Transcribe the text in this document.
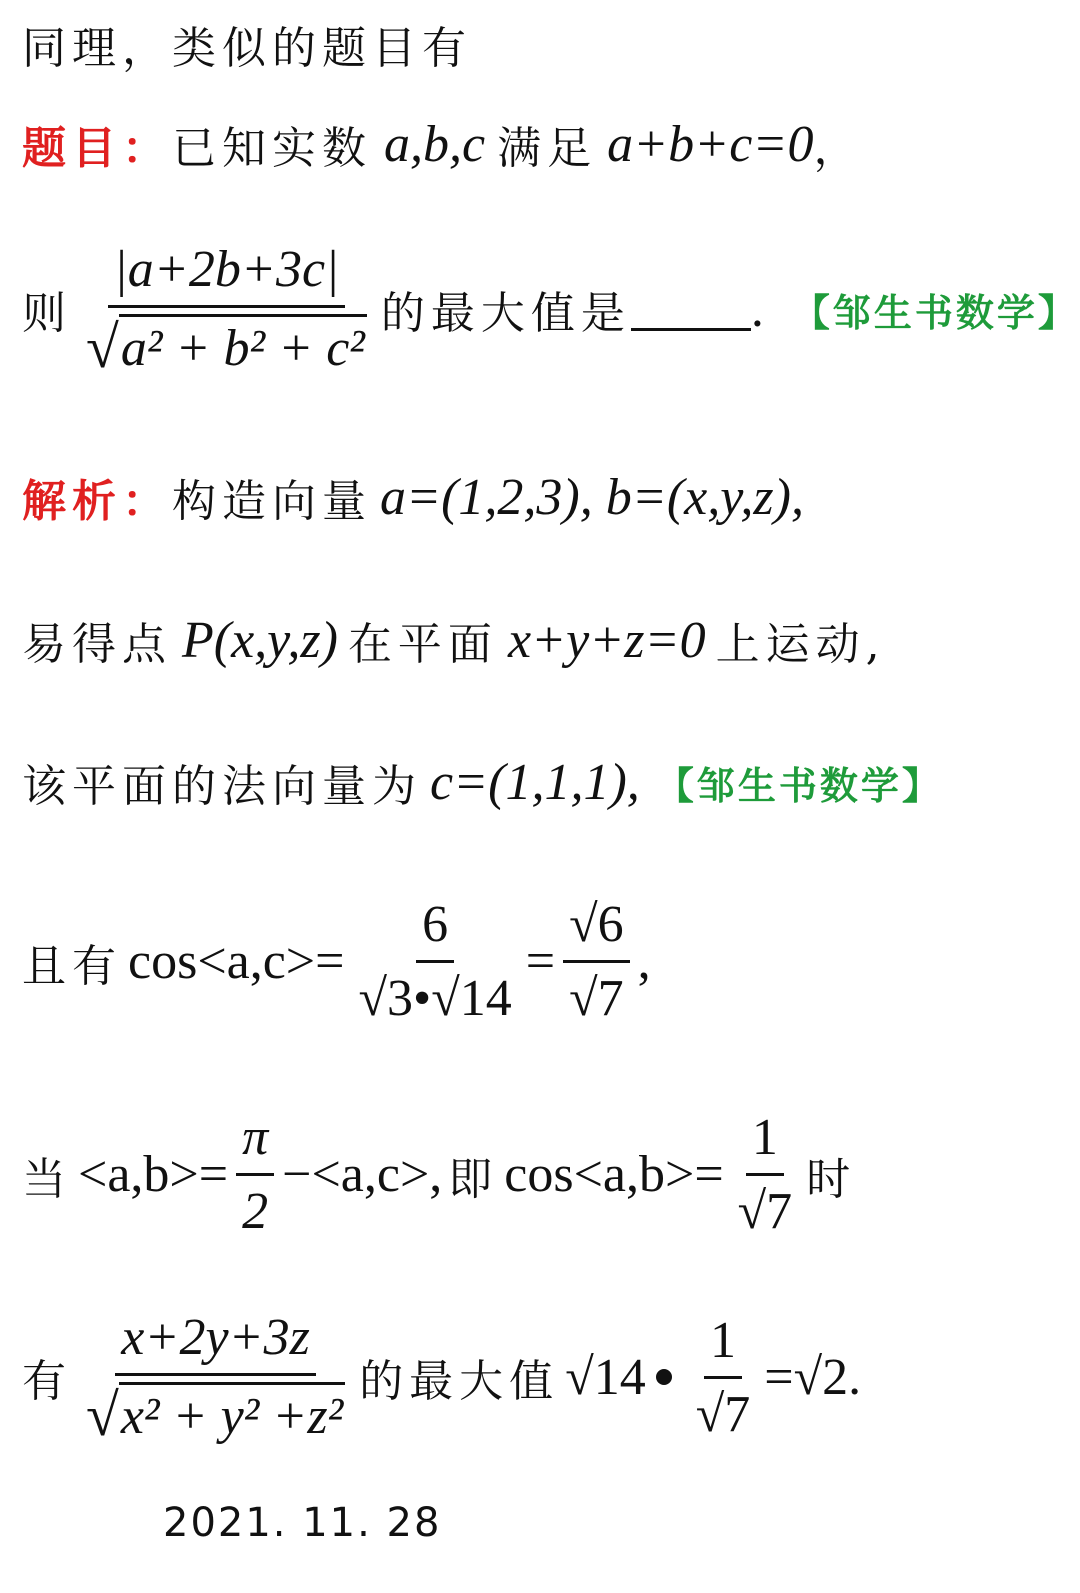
同理，类似的题目有
题目： 已知实数 a,b,c 满足 a+b+c=0 ，
则 $\frac{|a+2b+3c|}{\text{√ a² + b² + c²}}$ 的最大值是 . 【邹生书数学】
解析： 构造向量 a=(1,2,3), b=(x,y,z),
易得点 P(x,y,z) 在平面 x+y+z=0 上运动,
该平面的法向量为 c=(1,1,1), 【邹生书数学】
且有 $\cos<a,c>= \frac{6}{√3•√14} = \frac{√6}{√7}$ ,
当 $<a,b>= \frac{\pi}{2} -<a,c>$, 即 $\cos<a,b>= \frac{1}{√7}$ 时
有 $\frac{x+2y+3z}{\text{√ x² + y² +z²}}$ 的最大值 $√14 \frac{1}{√7} =√2$.
2021. 11. 28
